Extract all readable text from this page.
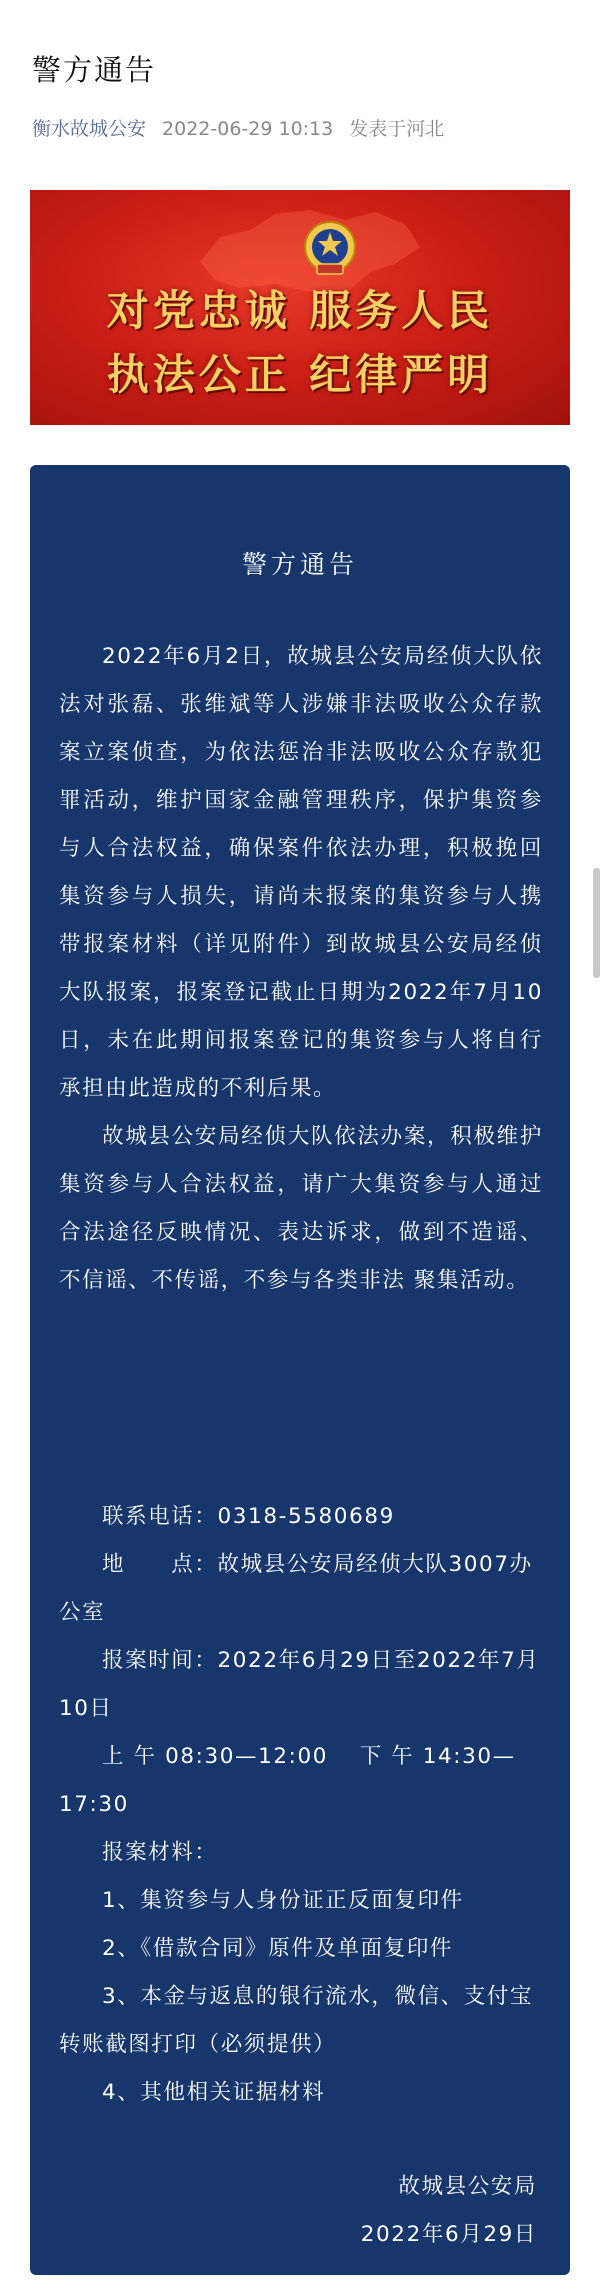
警方通告
衡水故城公安 2022-06-29 10:13 发表于河北
对党忠诚 服务人民
执法公正 纪律严明
警方通告

2022年6月2日，故城县公安局经侦大队依法对张磊、张维斌等人涉嫌非法吸收公众存款案立案侦查，为依法惩治非法吸收公众存款犯罪活动，维护国家金融管理秩序，保护集资参与人合法权益，确保案件依法办理，积极挽回集资参与人损失，请尚未报案的集资参与人携带报案材料（详见附件）到故城县公安局经侦大队报案，报案登记截止日期为2022年7月10日，未在此期间报案登记的集资参与人将自行承担由此造成的不利后果。

故城县公安局经侦大队依法办案，积极维护集资参与人合法权益，请广大集资参与人通过合法途径反映情况、表达诉求，做到不造谣、不信谣、不传谣，不参与各类非法 聚集活动。

联系电话：0318-5580689
地　　点：故城县公安局经侦大队3007办公室
报案时间：2022年6月29日至2022年7月10日
上 午 08:30—12:00　 下 午 14:30—17:30
报案材料：
1、集资参与人身份证正反面复印件
2、《借款合同》原件及单面复印件
3、本金与返息的银行流水，微信、支付宝转账截图打印（必须提供）
4、其他相关证据材料
故城县公安局
2022年6月29日
